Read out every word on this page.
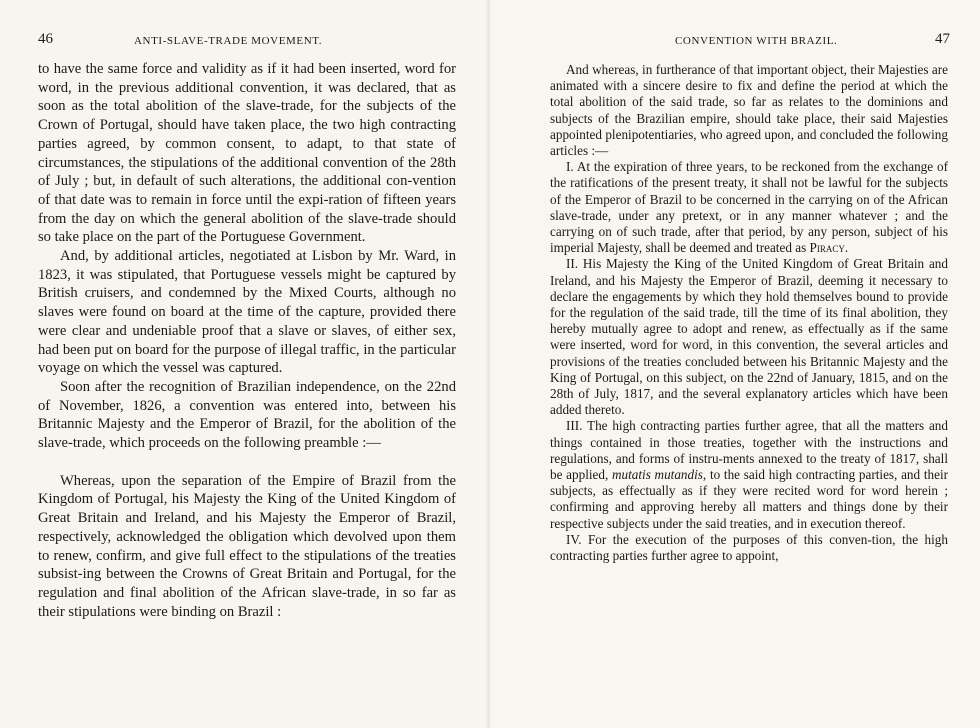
46	ANTI-SLAVE-TRADE MOVEMENT.

to have the same force and validity as if it had been inserted, word for word, in the previous additional convention, it was declared, that as soon as the total abolition of the slave-trade, for the subjects of the Crown of Portugal, should have taken place, the two high contracting parties agreed, by common consent, to adapt, to that state of circumstances, the stipulations of the additional convention of the 28th of July ; but, in default of such alterations, the additional con-vention of that date was to remain in force until the expi-ration of fifteen years from the day on which the general abolition of the slave-trade should so take place on the part of the Portuguese Government.

And, by additional articles, negotiated at Lisbon by Mr. Ward, in 1823, it was stipulated, that Portuguese vessels might be captured by British cruisers, and condemned by the Mixed Courts, although no slaves were found on board at the time of the capture, provided there were clear and undeniable proof that a slave or slaves, of either sex, had been put on board for the purpose of illegal traffic, in the particular voyage on which the vessel was captured.

Soon after the recognition of Brazilian independence, on the 22nd of November, 1826, a convention was entered into, between his Britannic Majesty and the Emperor of Brazil, for the abolition of the slave-trade, which proceeds on the following preamble :—

Whereas, upon the separation of the Empire of Brazil from the Kingdom of Portugal, his Majesty the King of the United Kingdom of Great Britain and Ireland, and his Majesty the Emperor of Brazil, respectively, acknowledged the obligation which devolved upon them to renew, confirm, and give full effect to the stipulations of the treaties subsist-ing between the Crowns of Great Britain and Portugal, for the regulation and final abolition of the African slave-trade, in so far as their stipulations were binding on Brazil :

CONVENTION WITH BRAZIL.	47

And whereas, in furtherance of that important object, their Majesties are animated with a sincere desire to fix and define the period at which the total abolition of the said trade, so far as relates to the dominions and subjects of the Brazilian empire, should take place, their said Majesties appointed plenipotentiaries, who agreed upon, and concluded the following articles :—

I. At the expiration of three years, to be reckoned from the exchange of the ratifications of the present treaty, it shall not be lawful for the subjects of the Emperor of Brazil to be concerned in the carrying on of the African slave-trade, under any pretext, or in any manner whatever ; and the carrying on of such trade, after that period, by any person, subject of his imperial Majesty, shall be deemed and treated as Piracy.

II. His Majesty the King of the United Kingdom of Great Britain and Ireland, and his Majesty the Emperor of Brazil, deeming it necessary to declare the engagements by which they hold themselves bound to provide for the regulation of the said trade, till the time of its final abolition, they hereby mutually agree to adopt and renew, as effectually as if the same were inserted, word for word, in this convention, the several articles and provisions of the treaties concluded between his Britannic Majesty and the King of Portugal, on this subject, on the 22nd of January, 1815, and on the 28th of July, 1817, and the several explanatory articles which have been added thereto.

III. The high contracting parties further agree, that all the matters and things contained in those treaties, together with the instructions and regulations, and forms of instru-ments annexed to the treaty of 1817, shall be applied, mutatis mutandis, to the said high contracting parties, and their subjects, as effectually as if they were recited word for word herein ; confirming and approving hereby all matters and things done by their respective subjects under the said treaties, and in execution thereof.

IV. For the execution of the purposes of this conven-tion, the high contracting parties further agree to appoint,
